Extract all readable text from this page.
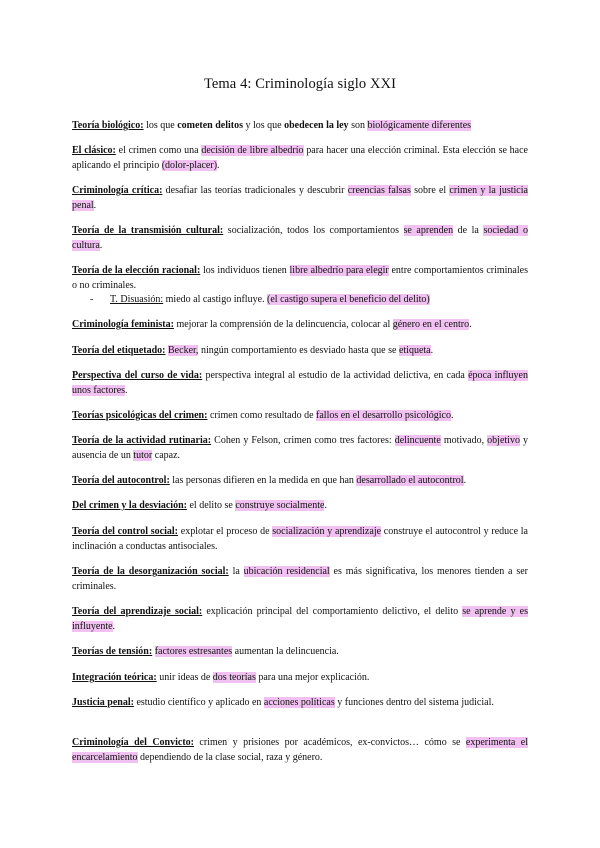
Tema 4: Criminología siglo XXI
Teoría biológico: los que cometen delitos y los que obedecen la ley son biológicamente diferentes
El clásico: el crimen como una decisión de libre albedrío para hacer una elección criminal. Esta elección se hace aplicando el principio (dolor-placer).
Criminología crítica: desafiar las teorías tradicionales y descubrir creencias falsas sobre el crimen y la justicia penal.
Teoría de la transmisión cultural: socialización, todos los comportamientos se aprenden de la sociedad o cultura.
Teoría de la elección racional: los individuos tienen libre albedrío para elegir entre comportamientos criminales o no criminales.
- T. Disuasión: miedo al castigo influye. (el castigo supera el beneficio del delito)
Criminología feminista: mejorar la comprensión de la delincuencia, colocar al género en el centro.
Teoría del etiquetado: Becker, ningún comportamiento es desviado hasta que se etiqueta.
Perspectiva del curso de vida: perspectiva integral al estudio de la actividad delictiva, en cada época influyen unos factores.
Teorías psicológicas del crimen: crimen como resultado de fallos en el desarrollo psicológico.
Teoría de la actividad rutinaria: Cohen y Felson, crimen como tres factores: delincuente motivado, objetivo y ausencia de un tutor capaz.
Teoría del autocontrol: las personas difieren en la medida en que han desarrollado el autocontrol.
Del crimen y la desviación: el delito se construye socialmente.
Teoría del control social: explotar el proceso de socialización y aprendizaje construye el autocontrol y reduce la inclinación a conductas antisociales.
Teoría de la desorganización social: la ubicación residencial es más significativa, los menores tienden a ser criminales.
Teoría del aprendizaje social: explicación principal del comportamiento delictivo, el delito se aprende y es influyente.
Teorías de tensión: factores estresantes aumentan la delincuencia.
Integración teórica: unir ideas de dos teorías para una mejor explicación.
Justicia penal: estudio científico y aplicado en acciones políticas y funciones dentro del sistema judicial.
Criminología del Convicto: crimen y prisiones por académicos, ex-convictos… cómo se experimenta el encarcelamiento dependiendo de la clase social, raza y género.
